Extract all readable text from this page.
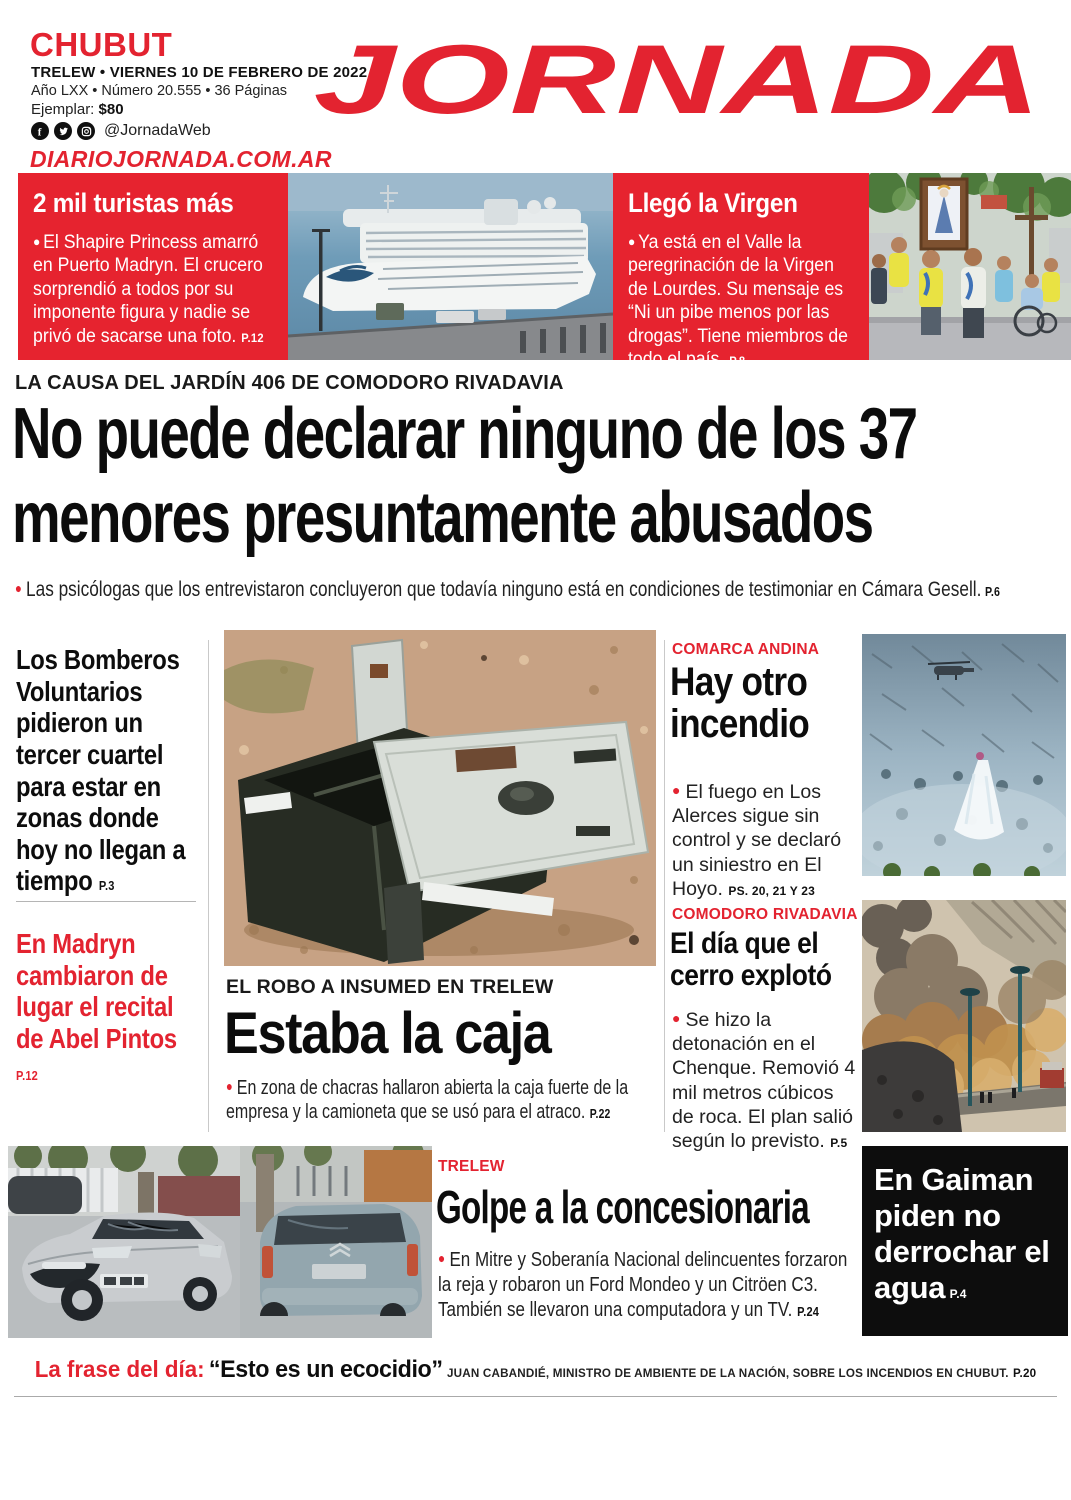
CHUBUT
TRELEW • VIERNES 10 DE FEBRERO DE 2022
Año LXX • Número 20.555 • 36 Páginas
Ejemplar: $80
f	@JornadaWeb
DIARIOJORNADA.COM.AR
JORNADA
2 mil turistas más
● El Shapire Princess amarró en Puerto Madryn. El crucero sorprendió a todos por su imponente figura y nadie se privó de sacarse una foto. P.12
Llegó la Virgen
● Ya está en el Valle la peregrinación de la Virgen de Lourdes. Su mensaje es “Ni un pibe menos por las drogas”. Tiene miembros de todo el país. P.8
LA CAUSA DEL JARDÍN 406 DE COMODORO RIVADAVIA
No puede declarar ninguno de los 37
menores presuntamente abusados
● Las psicólogas que los entrevistaron concluyeron que todavía ninguno está en condiciones de testimoniar en Cámara Gesell. P.6
Los Bomberos Voluntarios pidieron un tercer cuartel para estar en zonas donde hoy no llegan a tiempo P.3
En Madryn cambiaron de lugar el recital de Abel Pintos P.12
EL ROBO A INSUMED EN TRELEW
Estaba la caja
● En zona de chacras hallaron abierta la caja fuerte de la empresa y la camioneta que se usó para el atraco. P.22
COMARCA ANDINA
Hay otro
incendio
● El fuego en Los Alerces sigue sin control y se declaró un siniestro en El Hoyo. PS. 20, 21 Y 23
COMODORO RIVADAVIA
El día que el
cerro explotó
● Se hizo la detonación en el Chenque. Removió 4 mil metros cúbicos de roca. El plan salió según lo previsto. P.5
TRELEW
Golpe a la concesionaria
● En Mitre y Soberanía Nacional delincuentes forzaron la reja y robaron un Ford Mondeo y un Citröen C3. También se llevaron una computadora y un TV. P.24
En Gaiman piden no derrochar el agua P.4
La frase del día: “Esto es un ecocidio” JUAN CABANDIÉ, MINISTRO DE AMBIENTE DE LA NACIÓN, SOBRE LOS INCENDIOS EN CHUBUT. P.20
